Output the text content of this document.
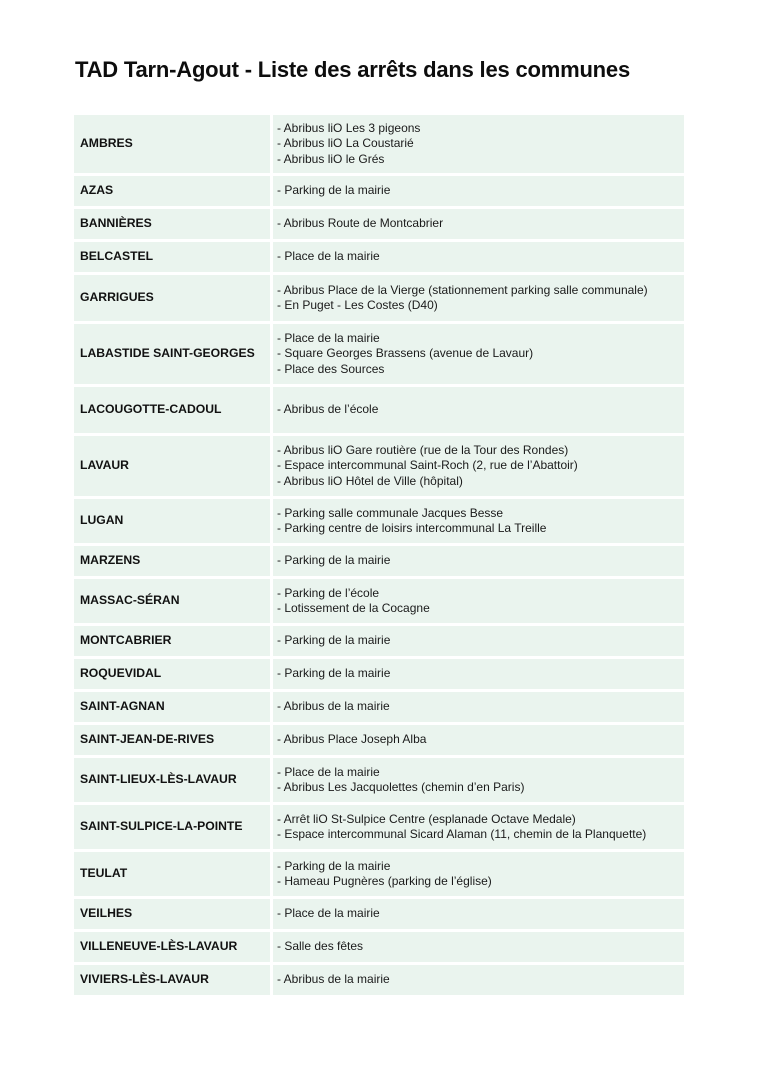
TAD Tarn-Agout - Liste des arrêts dans les communes
AMBRES	- Abribus liO Les 3 pigeons
- Abribus liO La Coustarié
- Abribus liO le Grés

AZAS	- Parking de la mairie

BANNIÈRES	- Abribus Route de Montcabrier

BELCASTEL	- Place de la mairie

GARRIGUES	- Abribus Place de la Vierge (stationnement parking salle communale)
- En Puget - Les Costes (D40)

LABASTIDE SAINT-GEORGES	- Place de la mairie
- Square Georges Brassens (avenue de Lavaur)
- Place des Sources

LACOUGOTTE-CADOUL	- Abribus de l’école

LAVAUR	- Abribus liO Gare routière (rue de la Tour des Rondes)
- Espace intercommunal Saint-Roch (2, rue de l’Abattoir)
- Abribus liO Hôtel de Ville (hôpital)

LUGAN	- Parking salle communale Jacques Besse
- Parking centre de loisirs intercommunal La Treille

MARZENS	- Parking de la mairie

MASSAC-SÉRAN	- Parking de l’école
- Lotissement de la Cocagne

MONTCABRIER	- Parking de la mairie

ROQUEVIDAL	- Parking de la mairie

SAINT-AGNAN	- Abribus de la mairie

SAINT-JEAN-DE-RIVES	- Abribus Place Joseph Alba

SAINT-LIEUX-LÈS-LAVAUR	- Place de la mairie
- Abribus Les Jacquolettes (chemin d’en Paris)

SAINT-SULPICE-LA-POINTE	- Arrêt liO St-Sulpice Centre (esplanade Octave Medale)
- Espace intercommunal Sicard Alaman (11, chemin de la Planquette)

TEULAT	- Parking de la mairie
- Hameau Pugnères (parking de l’église)

VEILHES	- Place de la mairie

VILLENEUVE-LÈS-LAVAUR	- Salle des fêtes

VIVIERS-LÈS-LAVAUR	- Abribus de la mairie
